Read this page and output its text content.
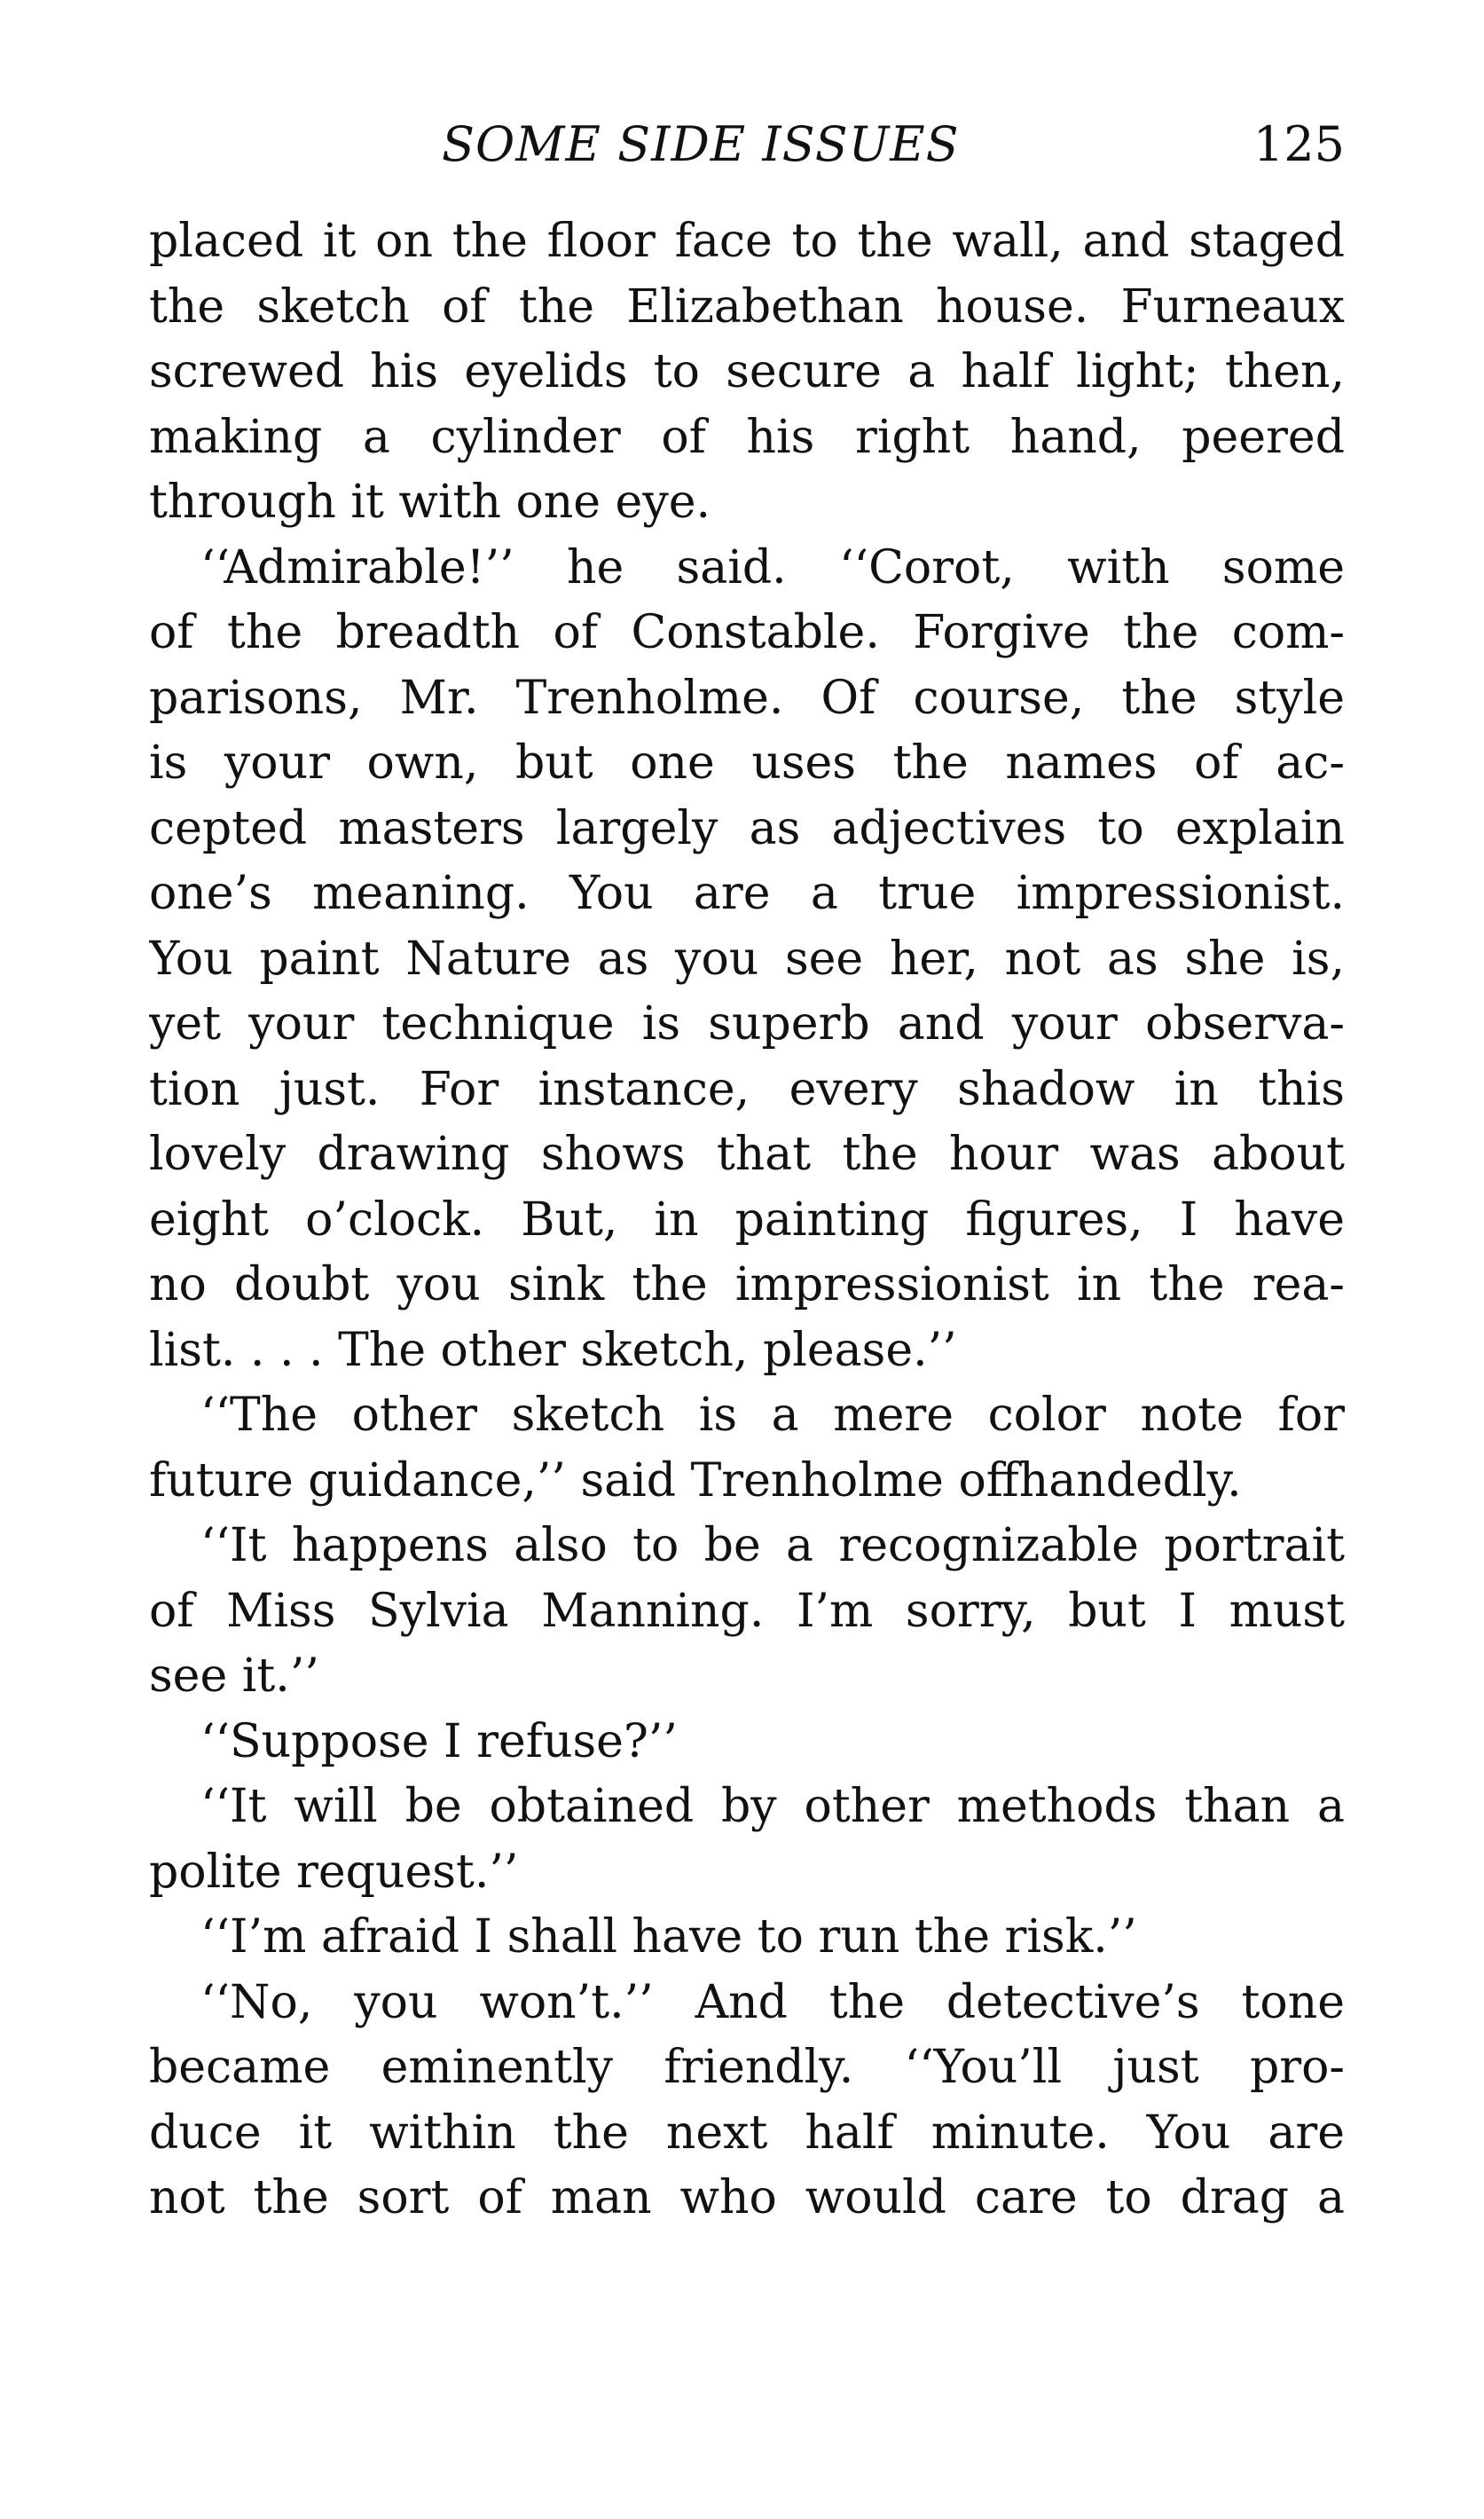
SOME SIDE ISSUES	125
placed it on the floor face to the wall, and staged
the sketch of the Elizabethan house. Furneaux
screwed his eyelids to secure a half light; then,
making a cylinder of his right hand, peered
through it with one eye.
‘‘Admirable!’’ he said. ‘‘Corot, with some
of the breadth of Constable. Forgive the com-
parisons, Mr. Trenholme. Of course, the style
is your own, but one uses the names of ac-
cepted masters largely as adjectives to explain
one’s meaning. You are a true impressionist.
You paint Nature as you see her, not as she is,
yet your technique is superb and your observa-
tion just. For instance, every shadow in this
lovely drawing shows that the hour was about
eight o’clock. But, in painting figures, I have
no doubt you sink the impressionist in the rea-
list. . . . The other sketch, please.’’
‘‘The other sketch is a mere color note for
future guidance,’’ said Trenholme offhandedly.
‘‘It happens also to be a recognizable portrait
of Miss Sylvia Manning. I’m sorry, but I must
see it.’’
‘‘Suppose I refuse?’’
‘‘It will be obtained by other methods than a
polite request.’’
‘‘I’m afraid I shall have to run the risk.’’
‘‘No, you won’t.’’ And the detective’s tone
became eminently friendly. ‘‘You’ll just pro-
duce it within the next half minute. You are
not the sort of man who would care to drag a
